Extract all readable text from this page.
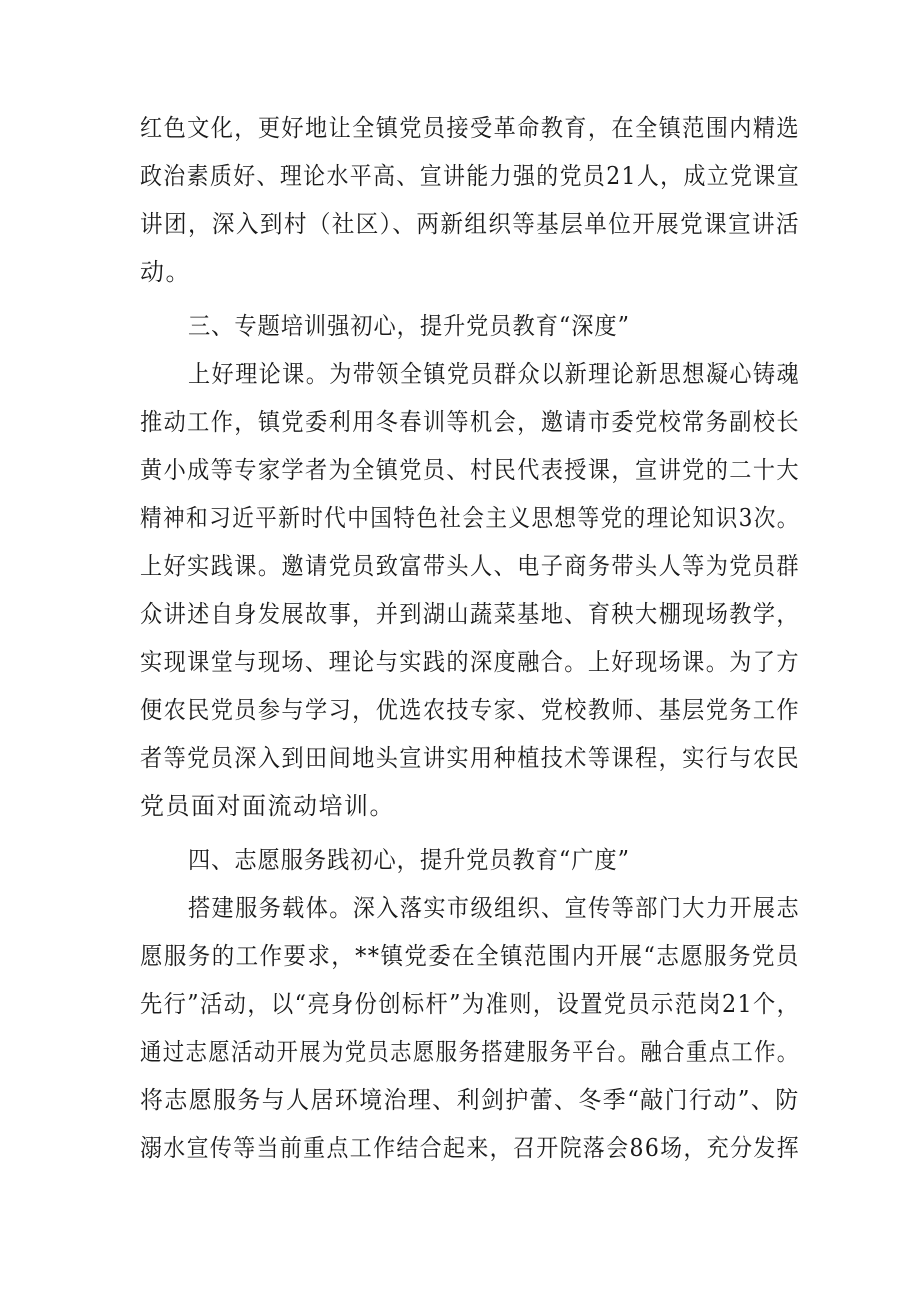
红色文化，更好地让全镇党员接受革命教育，在全镇范围内精选
政治素质好、理论水平高、宣讲能力强的党员21人，成立党课宣
讲团，深入到村（社区）、两新组织等基层单位开展党课宣讲活
动。
三、专题培训强初心，提升党员教育“深度”
上好理论课。为带领全镇党员群众以新理论新思想凝心铸魂
推动工作，镇党委利用冬春训等机会，邀请市委党校常务副校长
黄小成等专家学者为全镇党员、村民代表授课，宣讲党的二十大
精神和习近平新时代中国特色社会主义思想等党的理论知识3次。
上好实践课。邀请党员致富带头人、电子商务带头人等为党员群
众讲述自身发展故事，并到湖山蔬菜基地、育秧大棚现场教学，
实现课堂与现场、理论与实践的深度融合。上好现场课。为了方
便农民党员参与学习，优选农技专家、党校教师、基层党务工作
者等党员深入到田间地头宣讲实用种植技术等课程，实行与农民
党员面对面流动培训。
四、志愿服务践初心，提升党员教育“广度”
搭建服务载体。深入落实市级组织、宣传等部门大力开展志
愿服务的工作要求，**镇党委在全镇范围内开展“志愿服务党员
先行”活动，以“亮身份创标杆”为准则，设置党员示范岗21个，
通过志愿活动开展为党员志愿服务搭建服务平台。融合重点工作。
将志愿服务与人居环境治理、利剑护蕾、冬季“敲门行动”、防
溺水宣传等当前重点工作结合起来，召开院落会86场，充分发挥
